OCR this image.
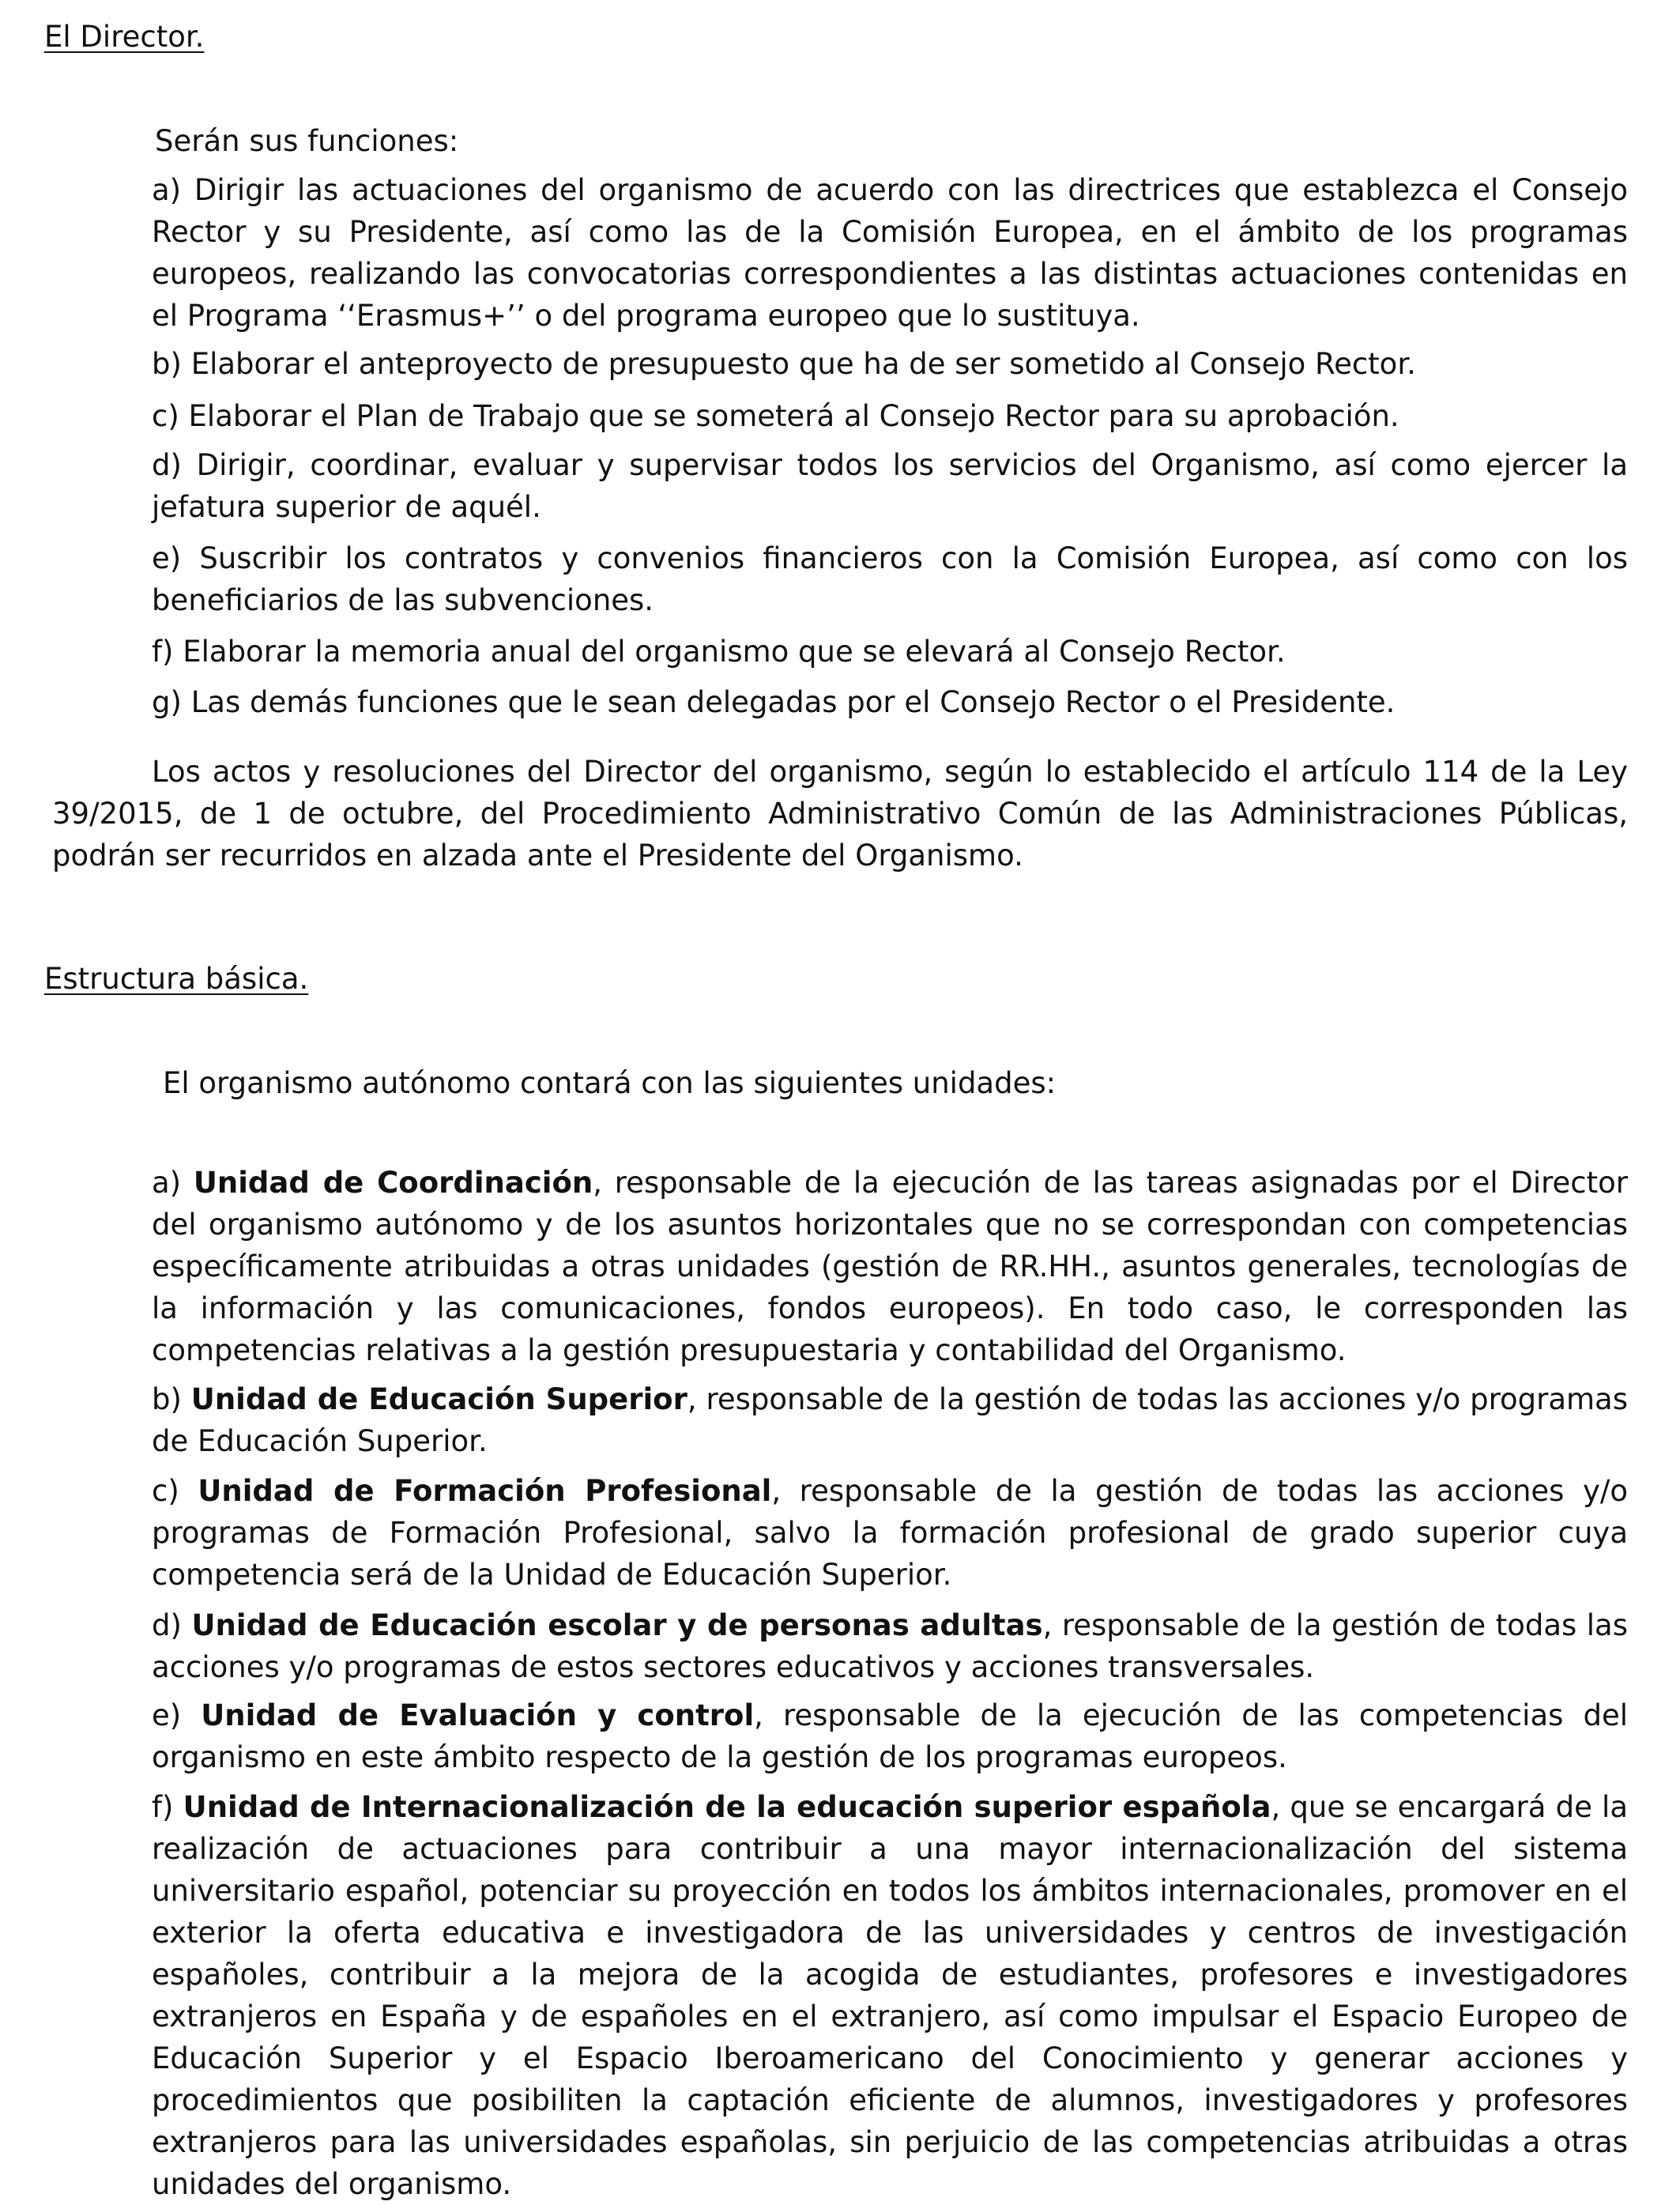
El Director.
Serán sus funciones:
a) Dirigir las actuaciones del organismo de acuerdo con las directrices que establezca el Consejo Rector y su Presidente, así como las de la Comisión Europea, en el ámbito de los programas europeos, realizando las convocatorias correspondientes a las distintas actuaciones contenidas en el Programa ‘‘Erasmus+’’ o del programa europeo que lo sustituya.
b) Elaborar el anteproyecto de presupuesto que ha de ser sometido al Consejo Rector.
c) Elaborar el Plan de Trabajo que se someterá al Consejo Rector para su aprobación.
d) Dirigir, coordinar, evaluar y supervisar todos los servicios del Organismo, así como ejercer la jefatura superior de aquél.
e) Suscribir los contratos y convenios financieros con la Comisión Europea, así como con los beneficiarios de las subvenciones.
f) Elaborar la memoria anual del organismo que se elevará al Consejo Rector.
g) Las demás funciones que le sean delegadas por el Consejo Rector o el Presidente.
Los actos y resoluciones del Director del organismo, según lo establecido el artículo 114 de la Ley 39/2015, de 1 de octubre, del Procedimiento Administrativo Común de las Administraciones Públicas, podrán ser recurridos en alzada ante el Presidente del Organismo.
Estructura básica.
El organismo autónomo contará con las siguientes unidades:
a) Unidad de Coordinación, responsable de la ejecución de las tareas asignadas por el Director del organismo autónomo y de los asuntos horizontales que no se correspondan con competencias específicamente atribuidas a otras unidades (gestión de RR.HH., asuntos generales, tecnologías de la información y las comunicaciones, fondos europeos). En todo caso, le corresponden las competencias relativas a la gestión presupuestaria y contabilidad del Organismo.
b) Unidad de Educación Superior, responsable de la gestión de todas las acciones y/o programas de Educación Superior.
c) Unidad de Formación Profesional, responsable de la gestión de todas las acciones y/o programas de Formación Profesional, salvo la formación profesional de grado superior cuya competencia será de la Unidad de Educación Superior.
d) Unidad de Educación escolar y de personas adultas, responsable de la gestión de todas las acciones y/o programas de estos sectores educativos y acciones transversales.
e) Unidad de Evaluación y control, responsable de la ejecución de las competencias del organismo en este ámbito respecto de la gestión de los programas europeos.
f) Unidad de Internacionalización de la educación superior española, que se encargará de la realización de actuaciones para contribuir a una mayor internacionalización del sistema universitario español, potenciar su proyección en todos los ámbitos internacionales, promover en el exterior la oferta educativa e investigadora de las universidades y centros de investigación españoles, contribuir a la mejora de la acogida de estudiantes, profesores e investigadores extranjeros en España y de españoles en el extranjero, así como impulsar el Espacio Europeo de Educación Superior y el Espacio Iberoamericano del Conocimiento y generar acciones y procedimientos que posibiliten la captación eficiente de alumnos, investigadores y profesores extranjeros para las universidades españolas, sin perjuicio de las competencias atribuidas a otras unidades del organismo.
